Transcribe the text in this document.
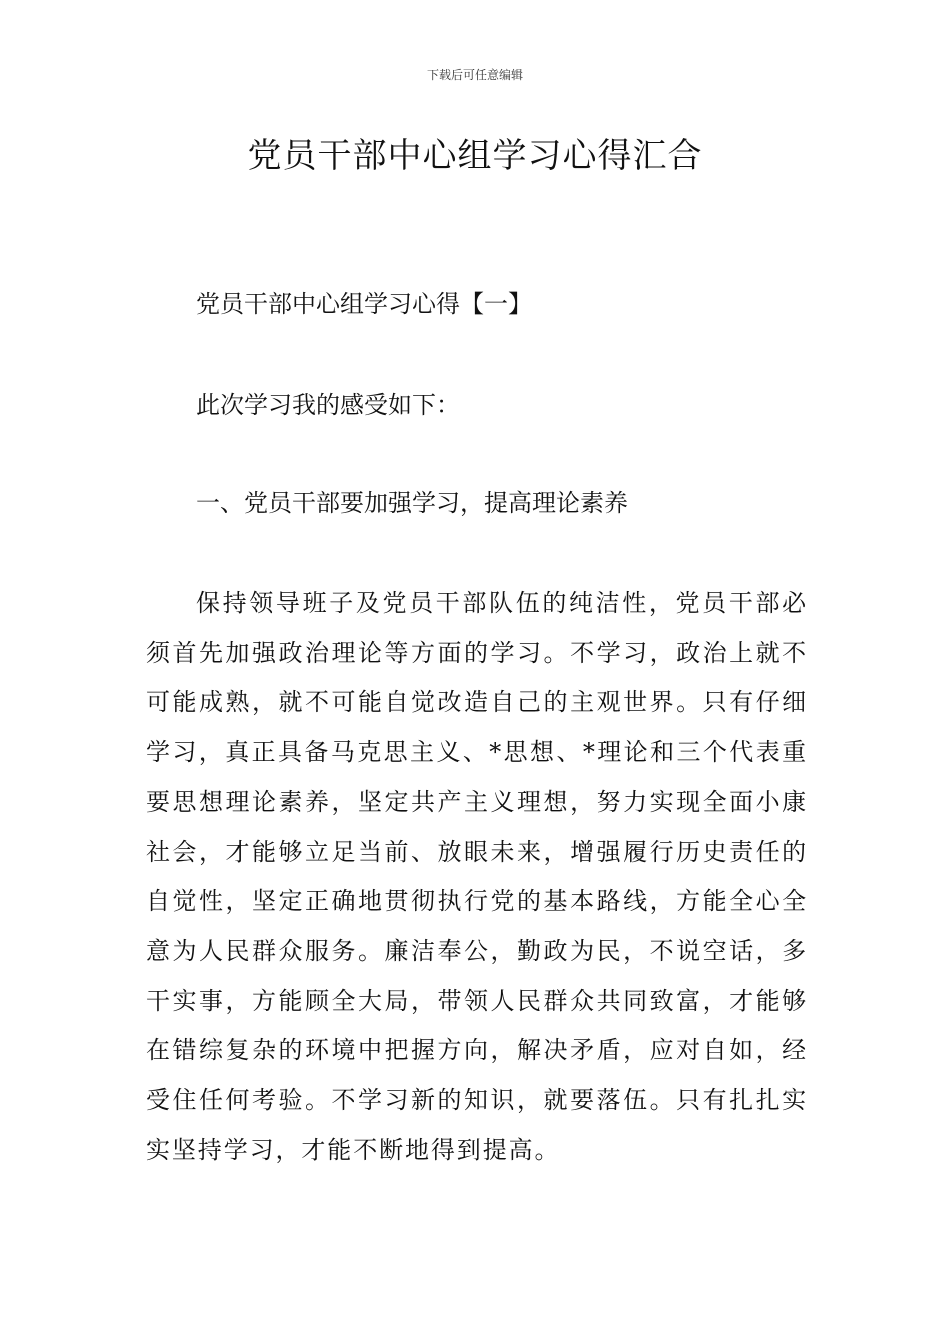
下载后可任意编辑
党员干部中心组学习心得汇合

党员干部中心组学习心得【一】

此次学习我的感受如下：

一、党员干部要加强学习，提高理论素养

保持领导班子及党员干部队伍的纯洁性，党员干部必须首先加强政治理论等方面的学习。不学习，政治上就不可能成熟，就不可能自觉改造自己的主观世界。只有仔细学习，真正具备马克思主义、*思想、*理论和三个代表重要思想理论素养，坚定共产主义理想，努力实现全面小康社会，才能够立足当前、放眼未来，增强履行历史责任的自觉性，坚定正确地贯彻执行党的基本路线，方能全心全意为人民群众服务。廉洁奉公，勤政为民，不说空话，多干实事，方能顾全大局，带领人民群众共同致富，才能够在错综复杂的环境中把握方向，解决矛盾，应对自如，经受住任何考验。不学习新的知识，就要落伍。只有扎扎实实坚持学习，才能不断地得到提高。
